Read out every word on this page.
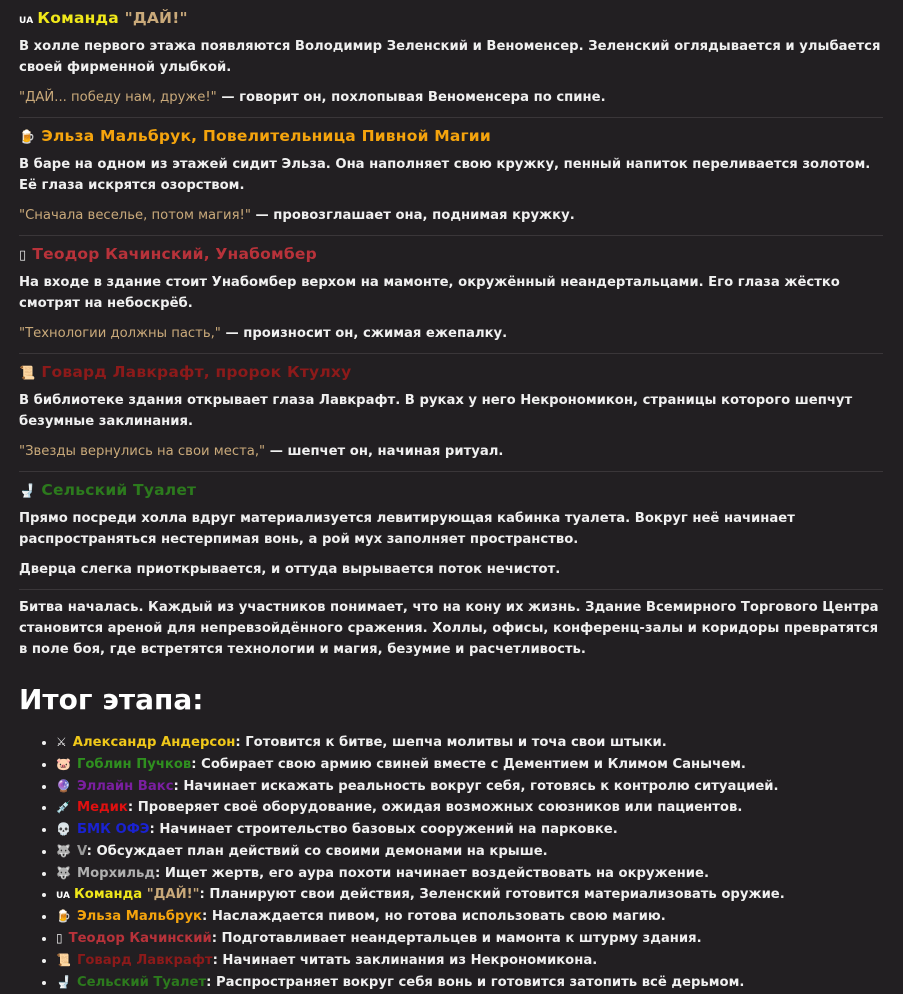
UA Команда "ДАЙ!"

В холле первого этажа появляются Володимир Зеленский и Веноменсер. Зеленский оглядывается и улыбается своей фирменной улыбкой.

"ДАЙ... победу нам, друже!" — говорит он, похлопывая Веноменсера по спине.

🍺 Эльза Мальбрук, Повелительница Пивной Магии

В баре на одном из этажей сидит Эльза. Она наполняет свою кружку, пенный напиток переливается золотом. Её глаза искрятся озорством.

"Сначала веселье, потом магия!" — провозглашает она, поднимая кружку.

▯ Теодор Качинский, Унабомбер

На входе в здание стоит Унабомбер верхом на мамонте, окружённый неандертальцами. Его глаза жёстко смотрят на небоскрёб.

"Технологии должны пасть," — произносит он, сжимая ежепалку.

📜 Говард Лавкрафт, пророк Ктулху

В библиотеке здания открывает глаза Лавкрафт. В руках у него Некрономикон, страницы которого шепчут безумные заклинания.

"Звезды вернулись на свои места," — шепчет он, начиная ритуал.

🚽 Сельский Туалет

Прямо посреди холла вдруг материализуется левитирующая кабинка туалета. Вокруг неё начинает распространяться нестерпимая вонь, а рой мух заполняет пространство.

Дверца слегка приоткрывается, и оттуда вырывается поток нечистот.

Битва началась. Каждый из участников понимает, что на кону их жизнь. Здание Всемирного Торгового Центра становится ареной для непревзойдённого сражения. Холлы, офисы, конференц-залы и коридоры превратятся в поле боя, где встретятся технологии и магия, безумие и расчетливость.

Итог этапа:
• ⚔ Александр Андерсон: Готовится к битве, шепча молитвы и точа свои штыки.
• 🐷 Гоблин Пучков: Собирает свою армию свиней вместе с Дементием и Климом Санычем.
• 🔮 Эллайн Вакс: Начинает искажать реальность вокруг себя, готовясь к контролю ситуацией.
• 💉 Медик: Проверяет своё оборудование, ожидая возможных союзников или пациентов.
• 💀 БМК ОФЭ: Начинает строительство базовых сооружений на парковке.
• 🐺 V: Обсуждает план действий со своими демонами на крыше.
• 🐺 Морхильд: Ищет жертв, его аура похоти начинает воздействовать на окружение.
• UA Команда "ДАЙ!": Планируют свои действия, Зеленский готовится материализовать оружие.
• 🍺 Эльза Мальбрук: Наслаждается пивом, но готова использовать свою магию.
• ▯ Теодор Качинский: Подготавливает неандертальцев и мамонта к штурму здания.
• 📜 Говард Лавкрафт: Начинает читать заклинания из Некрономикона.
• 🚽 Сельский Туалет: Распространяет вокруг себя вонь и готовится затопить всё дерьмом.
